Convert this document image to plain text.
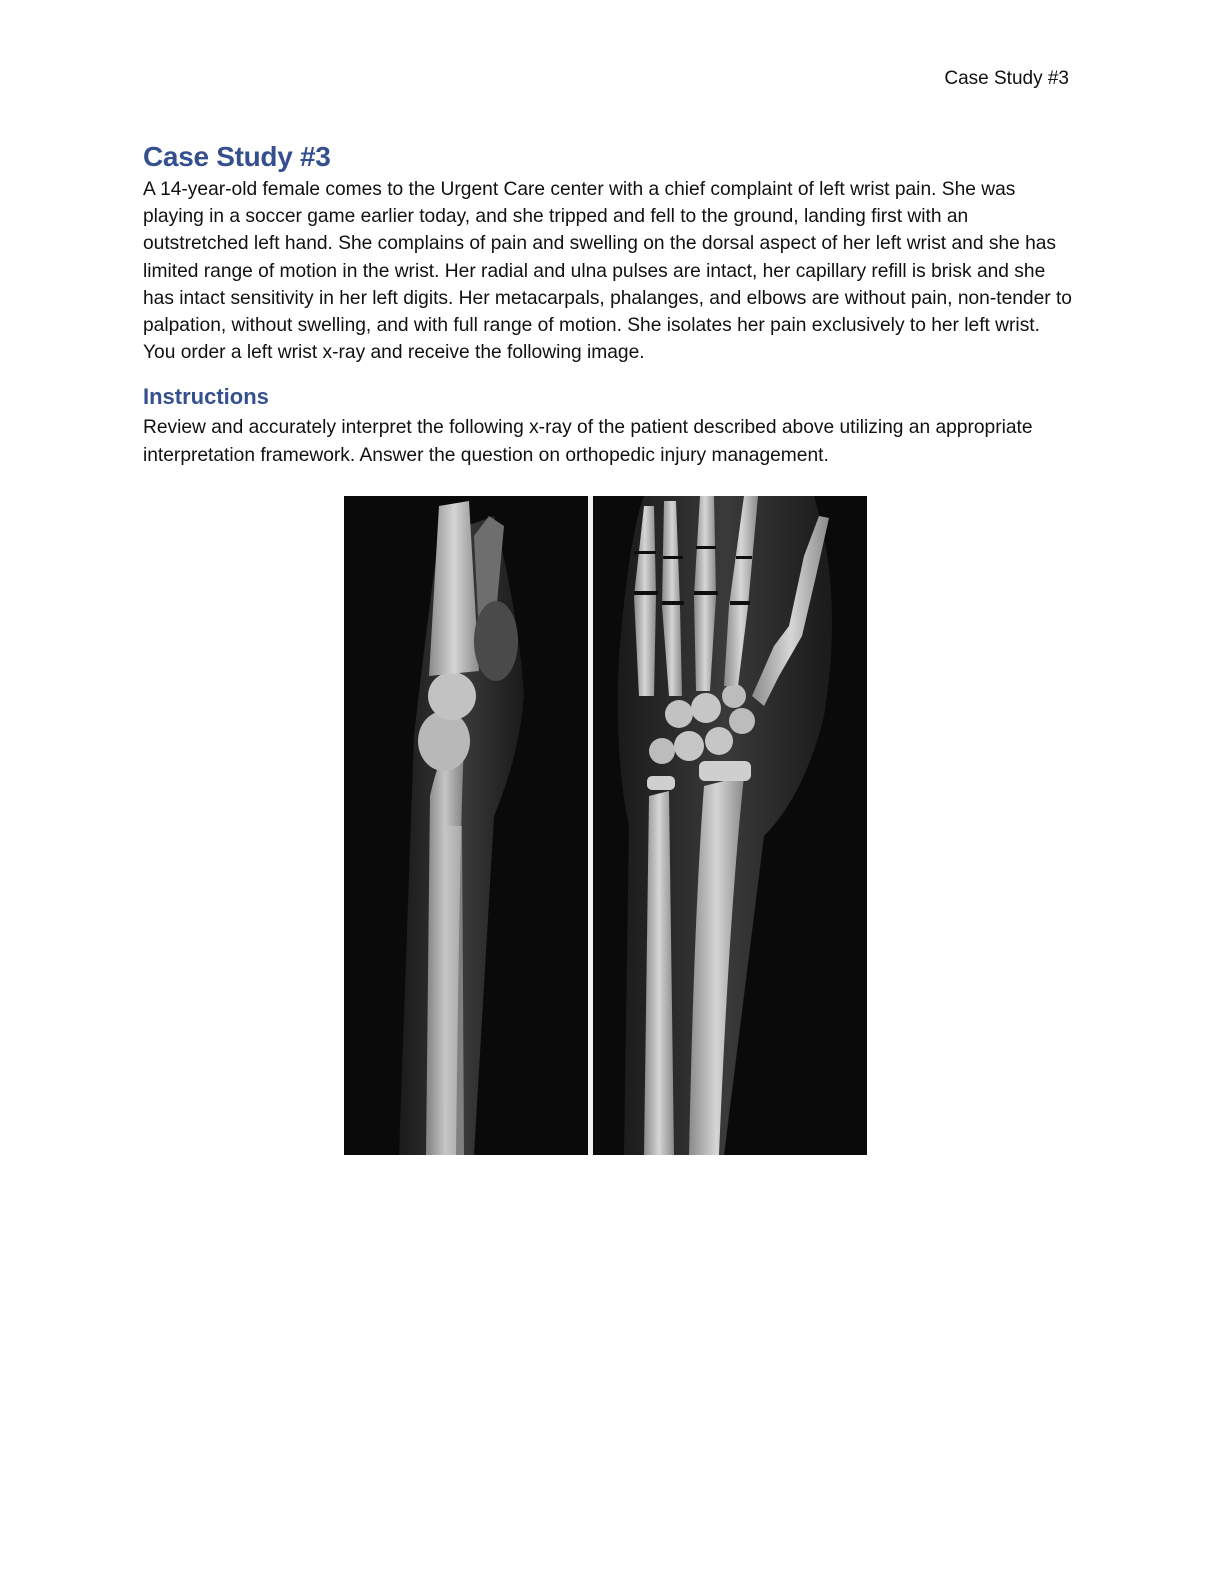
Case Study #3
Case Study #3

A 14-year-old female comes to the Urgent Care center with a chief complaint of left wrist pain. She was playing in a soccer game earlier today, and she tripped and fell to the ground, landing first with an outstretched left hand. She complains of pain and swelling on the dorsal aspect of her left wrist and she has limited range of motion in the wrist. Her radial and ulna pulses are intact, her capillary refill is brisk and she has intact sensitivity in her left digits. Her metacarpals, phalanges, and elbows are without pain, non-tender to palpation, without swelling, and with full range of motion. She isolates her pain exclusively to her left wrist. You order a left wrist x-ray and receive the following image.

Instructions

Review and accurately interpret the following x-ray of the patient described above utilizing an appropriate interpretation framework. Answer the question on orthopedic injury management.
